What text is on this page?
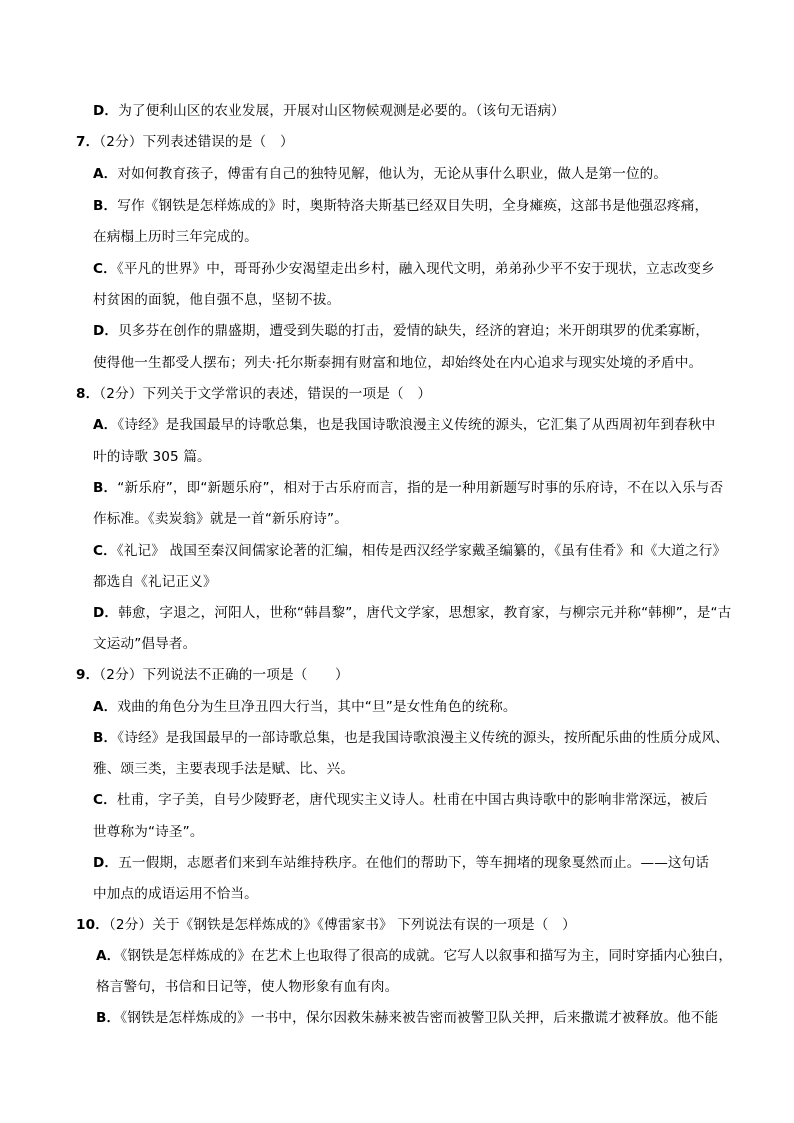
D．为了便利山区的农业发展，开展对山区物候观测是必要的。（该句无语病）
7．（2分）下列表述错误的是（　）
A．对如何教育孩子，傅雷有自己的独特见解，他认为，无论从事什么职业，做人是第一位的。
B．写作《钢铁是怎样炼成的》时，奥斯特洛夫斯基已经双目失明，全身瘫痪，这部书是他强忍疼痛，
在病榻上历时三年完成的。
C．《平凡的世界》中，哥哥孙少安渴望走出乡村，融入现代文明，弟弟孙少平不安于现状，立志改变乡
村贫困的面貌，他自强不息，坚韧不拔。
D．贝多芬在创作的鼎盛期，遭受到失聪的打击，爱情的缺失，经济的窘迫；米开朗琪罗的优柔寡断，
使得他一生都受人摆布；列夫·托尔斯泰拥有财富和地位，却始终处在内心追求与现实处境的矛盾中。
8．（2分）下列关于文学常识的表述，错误的一项是（　）
A．《诗经》是我国最早的诗歌总集，也是我国诗歌浪漫主义传统的源头，它汇集了从西周初年到春秋中
叶的诗歌 305 篇。
B．“新乐府”，即“新题乐府”，相对于古乐府而言，指的是一种用新题写时事的乐府诗，不在以入乐与否
作标准。《卖炭翁》就是一首“新乐府诗”。
C．《礼记》 战国至秦汉间儒家论著的汇编，相传是西汉经学家戴圣编纂的，《虽有佳肴》和《大道之行》
都选自《礼记正义》
D．韩愈，字退之，河阳人，世称“韩昌黎”，唐代文学家，思想家，教育家，与柳宗元并称“韩柳”，是“古
文运动”倡导者。
9．（2分）下列说法不正确的一项是（　　）
A．戏曲的角色分为生旦净丑四大行当，其中“旦”是女性角色的统称。
B．《诗经》是我国最早的一部诗歌总集，也是我国诗歌浪漫主义传统的源头，按所配乐曲的性质分成风、
雅、颂三类，主要表现手法是赋、比、兴。
C．杜甫，字子美，自号少陵野老，唐代现实主义诗人。杜甫在中国古典诗歌中的影响非常深远，被后
世尊称为“诗圣”。
D．五一假期，志愿者们来到车站维持秩序。在他们的帮助下，等车拥堵的现象戛然而止。——这句话
中加点的成语运用不恰当。
10．（2分）关于《钢铁是怎样炼成的》《傅雷家书》 下列说法有误的一项是（　）
A．《钢铁是怎样炼成的》在艺术上也取得了很高的成就。它写人以叙事和描写为主，同时穿插内心独白，
格言警句，书信和日记等，使人物形象有血有肉。
B．《钢铁是怎样炼成的》一书中，保尔因救朱赫来被告密而被警卫队关押，后来撒谎才被释放。他不能
